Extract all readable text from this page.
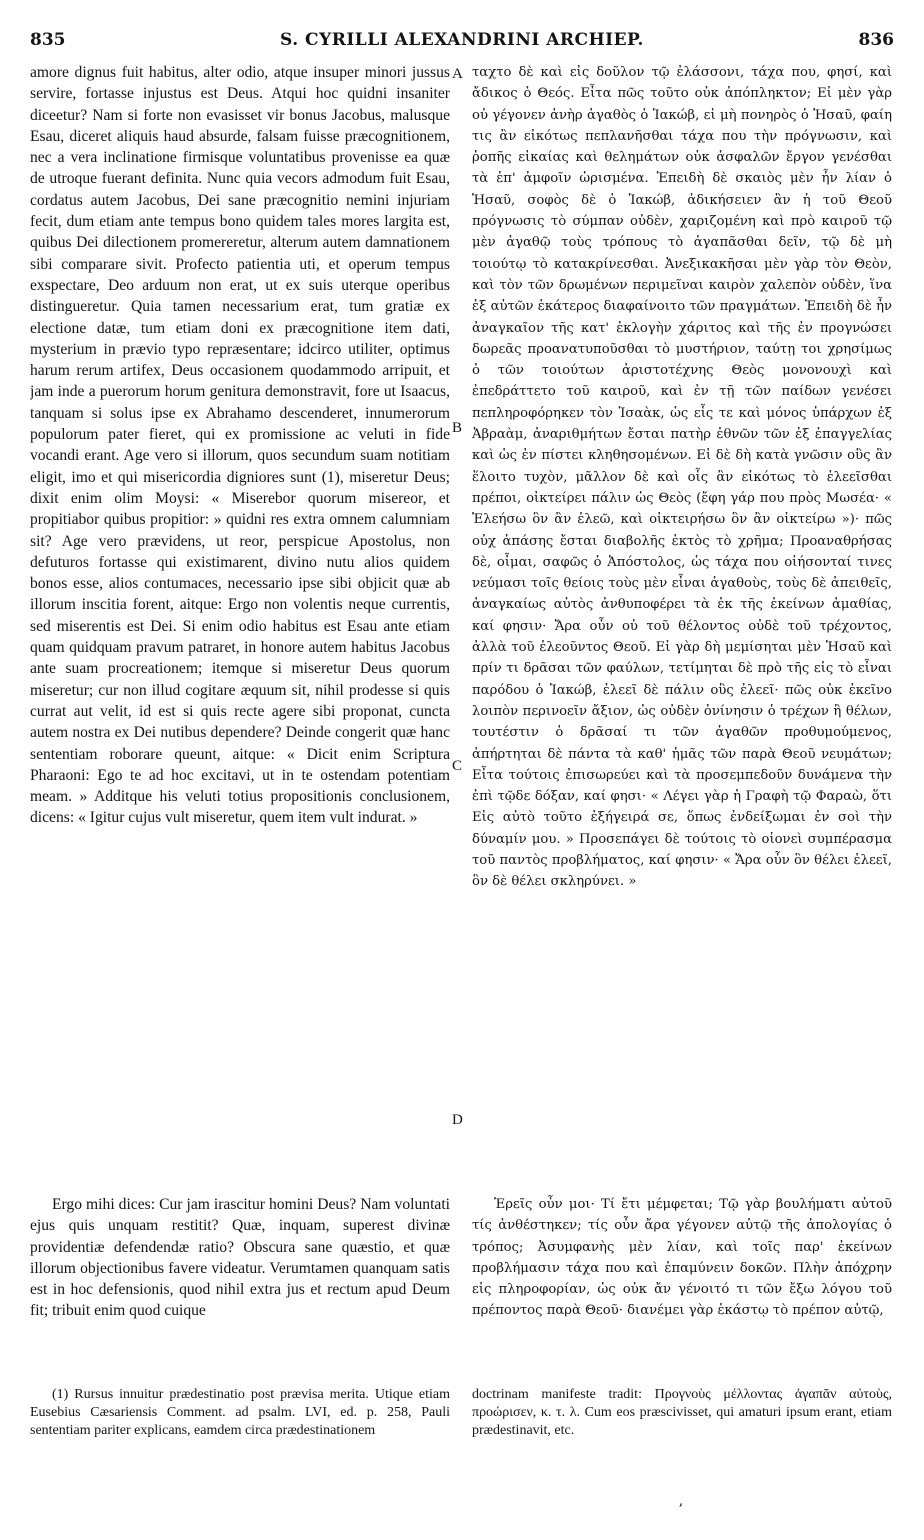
835	S. CYRILLI ALEXANDRINI ARCHIEP.	836

amore dignus fuit habitus, alter odio, atque insuper minori jussus servire, fortasse injustus est Deus. Atqui hoc quidni insaniter diceetur? Nam si forte non evasisset vir bonus Jacobus, malusque Esau, diceret aliquis haud absurde, falsam fuisse præcognitionem, nec a vera inclinatione firmisque voluntatibus provenisse ea quæ de utroque fuerant definita. Nunc quia vecors admodum fuit Esau, cordatus autem Jacobus, Dei sane præcognitio nemini injuriam fecit, dum etiam ante tempus bono quidem tales mores largita est, quibus Dei dilectionem promereretur, alterum autem damnationem sibi comparare sivit. Profecto patientia uti, et operum tempus exspectare, Deo arduum non erat, ut ex suis uterque operibus distingueretur. Quia tamen necessarium erat, tum gratiæ ex electione datæ, tum etiam doni ex præcognitione item dati, mysterium in prævio typo repræsentare; idcirco utiliter, optimus harum rerum artifex, Deus occasionem quodammodo arripuit, et jam inde a puerorum horum genitura demonstravit, fore ut Isaacus, tanquam si solus ipse ex Abrahamo descenderet, innumerorum populorum pater fieret, qui ex promissione ac veluti in fide vocandi erant. Age vero si illorum, quos secundum suam notitiam eligit, imo et qui misericordia digniores sunt (1), miseretur Deus; dixit enim olim Moysi: « Miserebor quorum misereor, et propitiabor quibus propitior: » quidni res extra omnem calumniam sit? Age vero prævidens, ut reor, perspicue Apostolus, non defuturos fortasse qui existimarent, divino nutu alios quidem bonos esse, alios contumaces, necessario ipse sibi objicit quæ ab illorum inscitia forent, aitque: Ergo non volentis neque currentis, sed miserentis est Dei. Si enim odio habitus est Esau ante etiam quam quidquam pravum patraret, in honore autem habitus Jacobus ante suam procreationem; itemque si miseretur Deus quorum miseretur; cur non illud cogitare æquum sit, nihil prodesse si quis currat aut velit, id est si quis recte agere sibi proponat, cuncta autem nostra ex Dei nutibus dependere? Deinde congerit quæ hanc sententiam roborare queunt, aitque: « Dicit enim Scriptura Pharaoni: Ego te ad hoc excitavi, ut in te ostendam potentiam meam. » Additque his veluti totius propositionis conclusionem, dicens: « Igitur cujus vult miseretur, quem item vult indurat. »

ταχτο δὲ καὶ εἰς δοῦλον τῷ ἐλάσσονι, τάχα που, φησί, καὶ ἄδικος ὁ Θεός. Εἶτα πῶς τοῦτο οὐκ ἀπόπληκτον; Εἰ μὲν γὰρ οὐ γέγονεν ἀνὴρ ἀγαθὸς ὁ Ἰακώβ, εἰ μὴ πονηρὸς ὁ Ἡσαῦ, φαίη τις ἂν εἰκότως πεπλανῆσθαι τάχα που τὴν πρόγνωσιν, καὶ ῥοπῆς εἰκαίας καὶ θελημάτων οὐκ ἀσφαλῶν ἔργον γενέσθαι τὰ ἐπ' ἀμφοῖν ὡρισμένα. Ἐπειδὴ δὲ σκαιὸς μὲν ἦν λίαν ὁ Ἡσαῦ, σοφὸς δὲ ὁ Ἰακώβ, ἀδικήσειεν ἂν ἡ τοῦ Θεοῦ πρόγνωσις τὸ σύμπαν οὐδὲν, χαριζομένη καὶ πρὸ καιροῦ τῷ μὲν ἀγαθῷ τοὺς τρόπους τὸ ἀγαπᾶσθαι δεῖν, τῷ δὲ μὴ τοιούτῳ τὸ κατακρίνεσθαι. Ἀνεξικακῆσαι μὲν γὰρ τὸν Θεὸν, καὶ τὸν τῶν δρωμένων περιμεῖναι καιρὸν χαλεπὸν οὐδὲν, ἵνα ἐξ αὐτῶν ἑκάτερος διαφαίνοιτο τῶν πραγμάτων. Ἐπειδὴ δὲ ἦν ἀναγκαῖον τῆς κατ' ἐκλογὴν χάριτος καὶ τῆς ἐν προγνώσει δωρεᾶς προανατυποῦσθαι τὸ μυστήριον, ταύτῃ τοι χρησίμως ὁ τῶν τοιούτων ἀριστοτέχνης Θεὸς μονονουχὶ καὶ ἐπεδράττετο τοῦ καιροῦ, καὶ ἐν τῇ τῶν παίδων γενέσει πεπληροφόρηκεν τὸν Ἰσαὰκ, ὡς εἷς τε καὶ μόνος ὑπάρχων ἐξ Ἀβραὰμ, ἀναριθμήτων ἔσται πατὴρ ἐθνῶν τῶν ἐξ ἐπαγγελίας καὶ ὡς ἐν πίστει κληθησομένων. Εἰ δὲ δὴ κατὰ γνῶσιν οὓς ἂν ἕλοιτο τυχὸν, μᾶλλον δὲ καὶ οἷς ἂν εἰκότως τὸ ἐλεεῖσθαι πρέποι, οἰκτείρει πάλιν ὡς Θεὸς (ἔφη γάρ που πρὸς Μωσέα· « Ἐλεήσω ὃν ἂν ἐλεῶ, καὶ οἰκτειρήσω ὃν ἂν οἰκτείρω »)· πῶς οὐχ ἁπάσης ἔσται διαβολῆς ἐκτὸς τὸ χρῆμα; Προαναθρήσας δὲ, οἶμαι, σαφῶς ὁ Ἀπόστολος, ὡς τάχα που οἰήσονταί τινες νεύμασι τοῖς θείοις τοὺς μὲν εἶναι ἀγαθοὺς, τοὺς δὲ ἀπειθεῖς, ἀναγκαίως αὐτὸς ἀνθυποφέρει τὰ ἐκ τῆς ἐκείνων ἀμαθίας, καί φησιν· Ἄρα οὖν οὐ τοῦ θέλοντος οὐδὲ τοῦ τρέχοντος, ἀλλὰ τοῦ ἐλεοῦντος Θεοῦ. Εἰ γὰρ δὴ μεμίσηται μὲν Ἡσαῦ καὶ πρίν τι δρᾶσαι τῶν φαύλων, τετίμηται δὲ πρὸ τῆς εἰς τὸ εἶναι παρόδου ὁ Ἰακώβ, ἐλεεῖ δὲ πάλιν οὓς ἐλεεῖ· πῶς οὐκ ἐκεῖνο λοιπὸν περινοεῖν ἄξιον, ὡς οὐδὲν ὀνίνησιν ὁ τρέχων ἢ θέλων, τουτέστιν ὁ δρᾶσαί τι τῶν ἀγαθῶν προθυμούμενος, ἀπήρτηται δὲ πάντα τὰ καθ' ἡμᾶς τῶν παρὰ Θεοῦ νευμάτων; Εἶτα τούτοις ἐπισωρεύει καὶ τὰ προσεμπεδοῦν δυνάμενα τὴν ἐπὶ τῷδε δόξαν, καί φησι· « Λέγει γὰρ ἡ Γραφὴ τῷ Φαραὼ, ὅτι Εἰς αὐτὸ τοῦτο ἐξήγειρά σε, ὅπως ἐνδείξωμαι ἐν σοὶ τὴν δύναμίν μου. » Προσεπάγει δὲ τούτοις τὸ οἱονεὶ συμπέρασμα τοῦ παντὸς προβλήματος, καί φησιν· « Ἄρα οὖν ὃν θέλει ἐλεεῖ, ὃν δὲ θέλει σκληρύνει. »

A
B
C
D

Ergo mihi dices: Cur jam irascitur homini Deus? Nam voluntati ejus quis unquam restitit? Quæ, inquam, superest divinæ providentiæ defendendæ ratio? Obscura sane quæstio, et quæ illorum objectionibus favere videatur. Verumtamen quanquam satis est in hoc defensionis, quod nihil extra jus et rectum apud Deum fit; tribuit enim quod cuique

Ἐρεῖς οὖν μοι· Τί ἔτι μέμφεται; Τῷ γὰρ βουλήματι αὐτοῦ τίς ἀνθέστηκεν; τίς οὖν ἄρα γέγονεν αὐτῷ τῆς ἀπολογίας ὁ τρόπος; Ἀσυμφανὴς μὲν λίαν, καὶ τοῖς παρ' ἐκείνων προβλήμασιν τάχα που καὶ ἐπαμύνειν δοκῶν. Πλὴν ἀπόχρην εἰς πληροφορίαν, ὡς οὐκ ἄν γένοιτό τι τῶν ἔξω λόγου τοῦ πρέποντος παρὰ Θεοῦ· διανέμει γὰρ ἑκάστῳ τὸ πρέπον αὐτῷ,

(1) Rursus innuitur prædestinatio post prævisa merita. Utique etiam Eusebius Cæsariensis Comment. ad psalm. LVI, ed. p. 258, Pauli sententiam pariter explicans, eamdem circa prædestinationem

doctrinam manifeste tradit: Προγνοὺς μέλλοντας ἀγαπᾶν αὐτοὺς, προώρισεν, κ. τ. λ. Cum eos præscivisset, qui amaturi ipsum erant, etiam prædestinavit, etc.

ʼ
